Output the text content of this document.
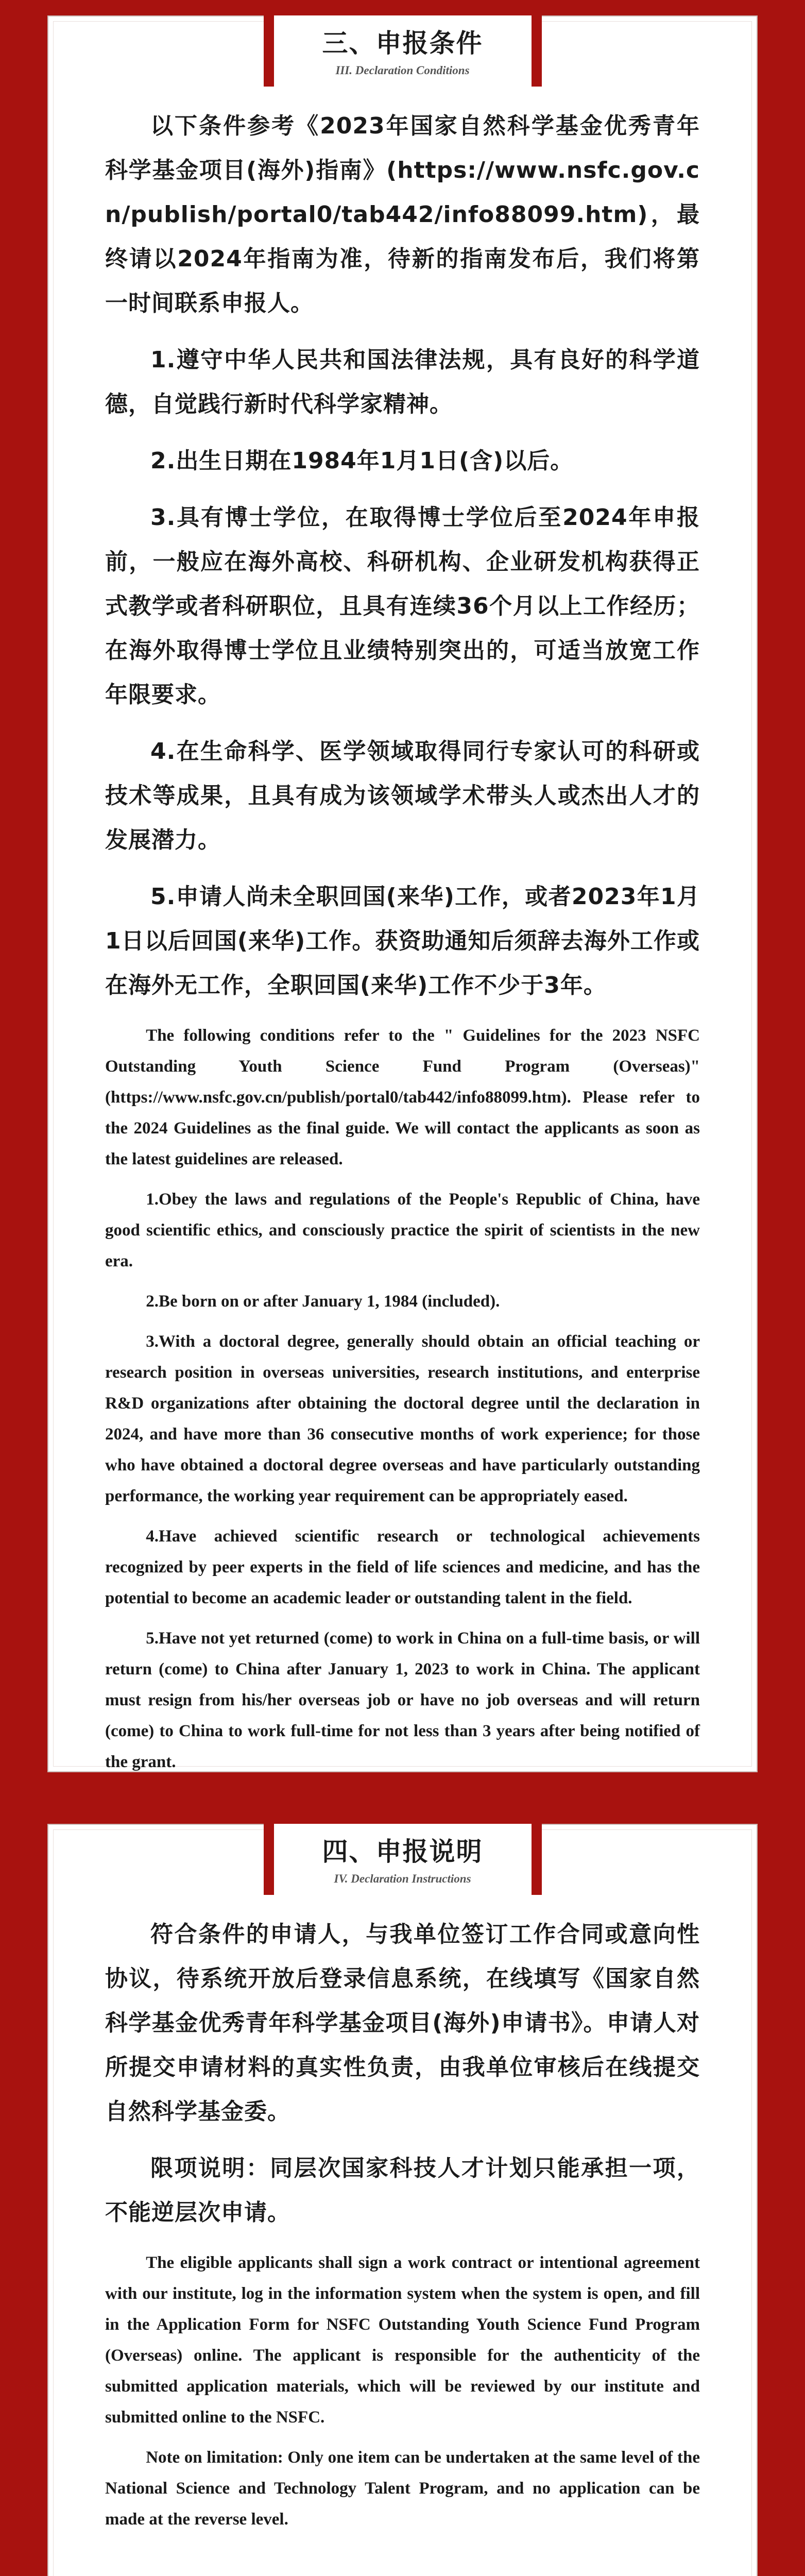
三、申报条件
III. Declaration Conditions

以下条件参考《2023年国家自然科学基金优秀青年科学基金项目(海外)指南》(https://www.nsfc.gov.cn/publish/portal0/tab442/info88099.htm)，最终请以2024年指南为准，待新的指南发布后，我们将第一时间联系申报人。

1.遵守中华人民共和国法律法规，具有良好的科学道德，自觉践行新时代科学家精神。

2.出生日期在1984年1月1日(含)以后。

3.具有博士学位，在取得博士学位后至2024年申报前，一般应在海外高校、科研机构、企业研发机构获得正式教学或者科研职位，且具有连续36个月以上工作经历；在海外取得博士学位且业绩特别突出的，可适当放宽工作年限要求。

4.在生命科学、医学领域取得同行专家认可的科研或技术等成果，且具有成为该领域学术带头人或杰出人才的发展潜力。

5.申请人尚未全职回国(来华)工作，或者2023年1月1日以后回国(来华)工作。获资助通知后须辞去海外工作或在海外无工作，全职回国(来华)工作不少于3年。

The following conditions refer to the " Guidelines for the 2023 NSFC Outstanding Youth Science Fund Program (Overseas)" (https://www.nsfc.gov.cn/publish/portal0/tab442/info88099.htm). Please refer to the 2024 Guidelines as the final guide. We will contact the applicants as soon as the latest guidelines are released.

1.Obey the laws and regulations of the People's Republic of China, have good scientific ethics, and consciously practice the spirit of scientists in the new era.

2.Be born on or after January 1, 1984 (included).

3.With a doctoral degree, generally should obtain an official teaching or research position in overseas universities, research institutions, and enterprise R&D organizations after obtaining the doctoral degree until the declaration in 2024, and have more than 36 consecutive months of work experience; for those who have obtained a doctoral degree overseas and have particularly outstanding performance, the working year requirement can be appropriately eased.

4.Have achieved scientific research or technological achievements recognized by peer experts in the field of life sciences and medicine, and has the potential to become an academic leader or outstanding talent in the field.

5.Have not yet returned (come) to work in China on a full-time basis, or will return (come) to China after January 1, 2023 to work in China. The applicant must resign from his/her overseas job or have no job overseas and will return (come) to China to work full-time for not less than 3 years after being notified of the grant.

四、申报说明
IV. Declaration Instructions

符合条件的申请人，与我单位签订工作合同或意向性协议，待系统开放后登录信息系统，在线填写《国家自然科学基金优秀青年科学基金项目(海外)申请书》。申请人对所提交申请材料的真实性负责，由我单位审核后在线提交自然科学基金委。

限项说明：同层次国家科技人才计划只能承担一项，不能逆层次申请。

The eligible applicants shall sign a work contract or intentional agreement with our institute, log in the information system when the system is open, and fill in the Application Form for NSFC Outstanding Youth Science Fund Program (Overseas) online. The applicant is responsible for the authenticity of the submitted application materials, which will be reviewed by our institute and submitted online to the NSFC.

Note on limitation: Only one item can be undertaken at the same level of the National Science and Technology Talent Program, and no application can be made at the reverse level.
